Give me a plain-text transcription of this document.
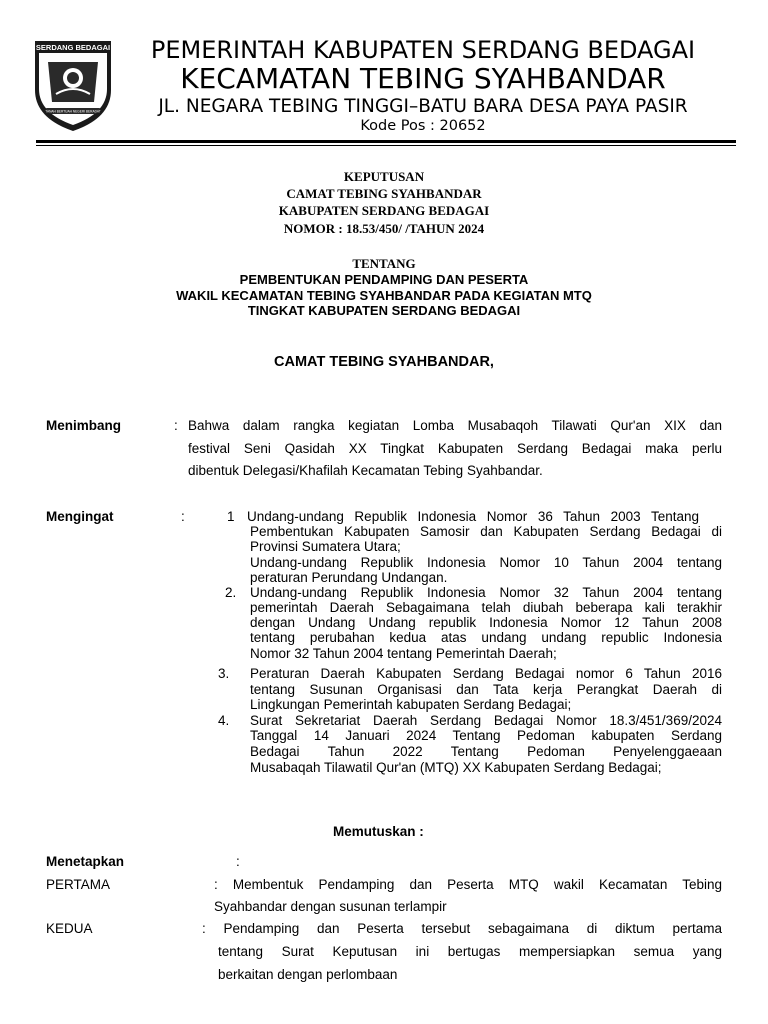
SERDANG BEDAGAI
TANAH BERTUAH NEGERI BERADAT
PEMERINTAH KABUPATEN SERDANG BEDAGAI
KECAMATAN TEBING SYAHBANDAR
JL. NEGARA TEBING TINGGI–BATU BARA DESA PAYA PASIR
Kode Pos : 20652
KEPUTUSAN
CAMAT TEBING SYAHBANDAR
KABUPATEN SERDANG BEDAGAI
NOMOR : 18.53/450/ /TAHUN 2024
TENTANG
PEMBENTUKAN PENDAMPING DAN PESERTA
WAKIL KECAMATAN TEBING SYAHBANDAR PADA KEGIATAN MTQ
TINGKAT KABUPATEN SERDANG BEDAGAI
CAMAT TEBING SYAHBANDAR,
Menimbang	: Bahwa dalam rangka kegiatan Lomba Musabaqoh Tilawati Qur'an XIX dan
festival Seni Qasidah XX Tingkat Kabupaten Serdang Bedagai maka perlu
dibentuk Delegasi/Khafilah Kecamatan Tebing Syahbandar.
Mengingat	:	1 Undang-undang Republik Indonesia Nomor 36 Tahun 2003 Tentang
Pembentukan Kabupaten Samosir dan Kabupaten Serdang Bedagai di
Provinsi Sumatera Utara;
Undang-undang Republik Indonesia Nomor 10 Tahun 2004 tentang
peraturan Perundang Undangan.
2. Undang-undang Republik Indonesia Nomor 32 Tahun 2004 tentang
pemerintah Daerah Sebagaimana telah diubah beberapa kali terakhir
dengan Undang Undang republik Indonesia Nomor 12 Tahun 2008
tentang perubahan kedua atas undang undang republic Indonesia
Nomor 32 Tahun 2004 tentang Pemerintah Daerah;
3. Peraturan Daerah Kabupaten Serdang Bedagai nomor 6 Tahun 2016
tentang Susunan Organisasi dan Tata kerja Perangkat Daerah di
Lingkungan Pemerintah kabupaten Serdang Bedagai;
4. Surat Sekretariat Daerah Serdang Bedagai Nomor 18.3/451/369/2024
Tanggal 14 Januari 2024 Tentang Pedoman kabupaten Serdang
Bedagai Tahun 2022 Tentang Pedoman Penyelenggaeaan
Musabaqah Tilawatil Qur'an (MTQ) XX Kabupaten Serdang Bedagai;
Memutuskan :
Menetapkan	:
PERTAMA	: Membentuk Pendamping dan Peserta MTQ wakil Kecamatan Tebing
Syahbandar dengan susunan terlampir
KEDUA	: Pendamping dan Peserta tersebut sebagaimana di diktum pertama
tentang Surat Keputusan ini bertugas mempersiapkan semua yang
berkaitan dengan perlombaan
